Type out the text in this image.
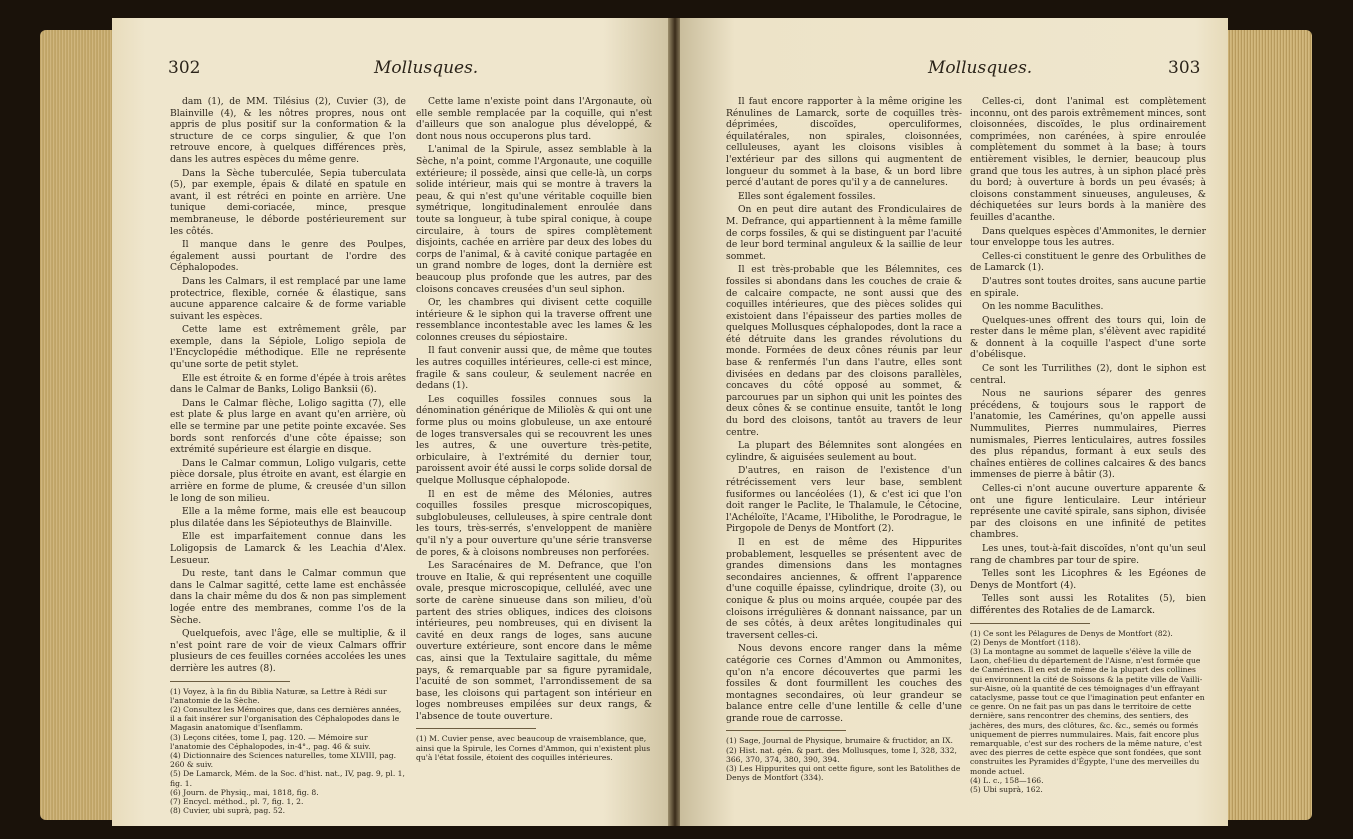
302	Mollusques.

dam (1), de MM. Tilésius (2), Cuvier (3), de Blainville (4), & les nôtres propres, nous ont appris de plus positif sur la conformation & la structure de ce corps singulier, & que l'on retrouve encore, à quelques différences près, dans les autres espèces du même genre.

Dans la Sèche tuberculée, Sepia tuberculata (5), par exemple, épais & dilaté en spatule en avant, il est rétréci en pointe en arrière. Une tunique demi-coriacée, mince, presque membraneuse, le déborde postérieurement sur les côtés.

Il manque dans le genre des Poulpes, également aussi pourtant de l'ordre des Céphalopodes.

Dans les Calmars, il est remplacé par une lame protectrice, flexible, cornée & élastique, sans aucune apparence calcaire & de forme variable suivant les espèces.

Cette lame est extrêmement grêle, par exemple, dans la Sépiole, Loligo sepiola de l'Encyclopédie méthodique. Elle ne représente qu'une sorte de petit stylet.

Elle est étroite & en forme d'épée à trois arêtes dans le Calmar de Banks, Loligo Banksii (6).

Dans le Calmar flèche, Loligo sagitta (7), elle est plate & plus large en avant qu'en arrière, où elle se termine par une petite pointe excavée. Ses bords sont renforcés d'une côte épaisse; son extrémité supérieure est élargie en disque.

Dans le Calmar commun, Loligo vulgaris, cette pièce dorsale, plus étroite en avant, est élargie en arrière en forme de plume, & creusée d'un sillon le long de son milieu.

Elle a la même forme, mais elle est beaucoup plus dilatée dans les Sépioteuthys de Blainville.

Elle est imparfaitement connue dans les Loligopsis de Lamarck & les Leachia d'Alex. Lesueur.

Du reste, tant dans le Calmar commun que dans le Calmar sagitté, cette lame est enchâssée dans la chair même du dos & non pas simplement logée entre des membranes, comme l'os de la Sèche.

Quelquefois, avec l'âge, elle se multiplie, & il n'est point rare de voir de vieux Calmars offrir plusieurs de ces feuilles cornées accolées les unes derrière les autres (8).

(1) Voyez, à la fin du Biblia Naturæ, sa Lettre à Rédi sur l'anatomie de la Sèche.
(2) Consultez les Mémoires que, dans ces dernières années, il a fait insérer sur l'organisation des Céphalopodes dans le Magasin anatomique d'Isenflamm.
(3) Leçons citées, tome I, pag. 120. — Mémoire sur l'anatomie des Céphalopodes, in-4°., pag. 46 & suiv.
(4) Dictionnaire des Sciences naturelles, tome XLVIII, pag. 260 & suiv.
(5) De Lamarck, Mém. de la Soc. d'hist. nat., IV, pag. 9, pl. 1, fig. 1.
(6) Journ. de Physiq., mai, 1818, fig. 8.
(7) Encycl. méthod., pl. 7, fig. 1, 2.
(8) Cuvier, ubi suprà, pag. 52.

Cette lame n'existe point dans l'Argonaute, où elle semble remplacée par la coquille, qui n'est d'ailleurs que son analogue plus développé, & dont nous nous occuperons plus tard.

L'animal de la Spirule, assez semblable à la Sèche, n'a point, comme l'Argonaute, une coquille extérieure; il possède, ainsi que celle-là, un corps solide intérieur, mais qui se montre à travers la peau, & qui n'est qu'une véritable coquille bien symétrique, longitudinalement enroulée dans toute sa longueur, à tube spiral conique, à coupe circulaire, à tours de spires complètement disjoints, cachée en arrière par deux des lobes du corps de l'animal, & à cavité conique partagée en un grand nombre de loges, dont la dernière est beaucoup plus profonde que les autres, par des cloisons concaves creusées d'un seul siphon.

Or, les chambres qui divisent cette coquille intérieure & le siphon qui la traverse offrent une ressemblance incontestable avec les lames & les colonnes creuses du sépiostaire.

Il faut convenir aussi que, de même que toutes les autres coquilles intérieures, celle-ci est mince, fragile & sans couleur, & seulement nacrée en dedans (1).

Les coquilles fossiles connues sous la dénomination générique de Miliolès & qui ont une forme plus ou moins globuleuse, un axe entouré de loges transversales qui se recouvrent les unes les autres, & une ouverture très-petite, orbiculaire, à l'extrémité du dernier tour, paroissent avoir été aussi le corps solide dorsal de quelque Mollusque céphalopode.

Il en est de même des Mélonies, autres coquilles fossiles presque microscopiques, subglobuleuses, celluleuses, à spire centrale dont les tours, très-serrés, s'enveloppent de manière qu'il n'y a pour ouverture qu'une série transverse de pores, & à cloisons nombreuses non perforées.

Les Saracénaires de M. Defrance, que l'on trouve en Italie, & qui représentent une coquille ovale, presque microscopique, celluléé, avec une sorte de carène sinueuse dans son milieu, d'où partent des stries obliques, indices des cloisons intérieures, peu nombreuses, qui en divisent la cavité en deux rangs de loges, sans aucune ouverture extérieure, sont encore dans le même cas, ainsi que la Textulaire sagittale, du même pays, & remarquable par sa figure pyramidale, l'acuité de son sommet, l'arrondissement de sa base, les cloisons qui partagent son intérieur en loges nombreuses empilées sur deux rangs, & l'absence de toute ouverture.

(1) M. Cuvier pense, avec beaucoup de vraisemblance, que, ainsi que la Spirule, les Cornes d'Ammon, qui n'existent plus qu'à l'état fossile, étoient des coquilles intérieures.
Mollusques.	303

Il faut encore rapporter à la même origine les Rénulines de Lamarck, sorte de coquilles très-déprimées, discoïdes, operculiformes, équilatérales, non spirales, cloisonnées, celluleuses, ayant les cloisons visibles à l'extérieur par des sillons qui augmentent de longueur du sommet à la base, & un bord libre percé d'autant de pores qu'il y a de cannelures.

Elles sont également fossiles.

On en peut dire autant des Frondiculaires de M. Defrance, qui appartiennent à la même famille de corps fossiles, & qui se distinguent par l'acuité de leur bord terminal anguleux & la saillie de leur sommet.

Il est très-probable que les Bélemnites, ces fossiles si abondans dans les couches de craie & de calcaire compacte, ne sont aussi que des coquilles intérieures, que des pièces solides qui existoient dans l'épaisseur des parties molles de quelques Mollusques céphalopodes, dont la race a été détruite dans les grandes révolutions du monde. Formées de deux cônes réunis par leur base & renfermés l'un dans l'autre, elles sont divisées en dedans par des cloisons parallèles, concaves du côté opposé au sommet, & parcourues par un siphon qui unit les pointes des deux cônes & se continue ensuite, tantôt le long du bord des cloisons, tantôt au travers de leur centre.

La plupart des Bélemnites sont alongées en cylindre, & aiguisées seulement au bout.

D'autres, en raison de l'existence d'un rétrécissement vers leur base, semblent fusiformes ou lancéolées (1), & c'est ici que l'on doit ranger le Paclite, le Thalamule, le Cétocine, l'Achéloïte, l'Acame, l'Hibolithe, le Porodrague, le Pirgopole de Denys de Montfort (2).

Il en est de même des Hippurites probablement, lesquelles se présentent avec de grandes dimensions dans les montagnes secondaires anciennes, & offrent l'apparence d'une coquille épaisse, cylindrique, droite (3), ou conique & plus ou moins arquée, coupée par des cloisons irrégulières & donnant naissance, par un de ses côtés, à deux arêtes longitudinales qui traversent celles-ci.

Nous devons encore ranger dans la même catégorie ces Cornes d'Ammon ou Ammonites, qu'on n'a encore découvertes que parmi les fossiles & dont fourmillent les couches des montagnes secondaires, où leur grandeur se balance entre celle d'une lentille & celle d'une grande roue de carrosse.

(1) Sage, Journal de Physique, brumaire & fructidor, an IX.
(2) Hist. nat. gén. & part. des Mollusques, tome I, 328, 332, 366, 370, 374, 380, 390, 394.
(3) Les Hippurites qui ont cette figure, sont les Batolithes de Denys de Montfort (334).

Celles-ci, dont l'animal est complètement inconnu, ont des parois extrêmement minces, sont cloisonnées, discoïdes, le plus ordinairement comprimées, non carénées, à spire enroulée complètement du sommet à la base; à tours entièrement visibles, le dernier, beaucoup plus grand que tous les autres, à un siphon placé près du bord; à ouverture à bords un peu évasés; à cloisons constamment sinueuses, anguleuses, & déchiquetées sur leurs bords à la manière des feuilles d'acanthe.

Dans quelques espèces d'Ammonites, le dernier tour enveloppe tous les autres.

Celles-ci constituent le genre des Orbulithes de de Lamarck (1).

D'autres sont toutes droites, sans aucune partie en spirale.

On les nomme Baculithes.

Quelques-unes offrent des tours qui, loin de rester dans le même plan, s'élèvent avec rapidité & donnent à la coquille l'aspect d'une sorte d'obélisque.

Ce sont les Turrilithes (2), dont le siphon est central.

Nous ne saurions séparer des genres précédens, & toujours sous le rapport de l'anatomie, les Camérines, qu'on appelle aussi Nummulites, Pierres nummulaires, Pierres numismales, Pierres lenticulaires, autres fossiles des plus répandus, formant à eux seuls des chaînes entières de collines calcaires & des bancs immenses de pierre à bâtir (3).

Celles-ci n'ont aucune ouverture apparente & ont une figure lenticulaire. Leur intérieur représente une cavité spirale, sans siphon, divisée par des cloisons en une infinité de petites chambres.

Les unes, tout-à-fait discoïdes, n'ont qu'un seul rang de chambres par tour de spire.

Telles sont les Licophres & les Egéones de Denys de Montfort (4).

Telles sont aussi les Rotalites (5), bien différentes des Rotalies de de Lamarck.

(1) Ce sont les Pélagures de Denys de Montfort (82).
(2) Denys de Montfort (118).
(3) La montagne au sommet de laquelle s'élève la ville de Laon, chef-lieu du département de l'Aisne, n'est formée que de Camérines. Il en est de même de la plupart des collines qui environnent la cité de Soissons & la petite ville de Vailli-sur-Aisne, où la quantité de ces témoignages d'un effrayant cataclysme, passe tout ce que l'imagination peut enfanter en ce genre. On ne fait pas un pas dans le territoire de cette dernière, sans rencontrer des chemins, des sentiers, des jachères, des murs, des clôtures, &c. &c., semés ou formés uniquement de pierres nummulaires. Mais, fait encore plus remarquable, c'est sur des rochers de la même nature, c'est avec des pierres de cette espèce que sont fondées, que sont construites les Pyramides d'Égypte, l'une des merveilles du monde actuel.
(4) L. c., 158—166.
(5) Ubi suprà, 162.
